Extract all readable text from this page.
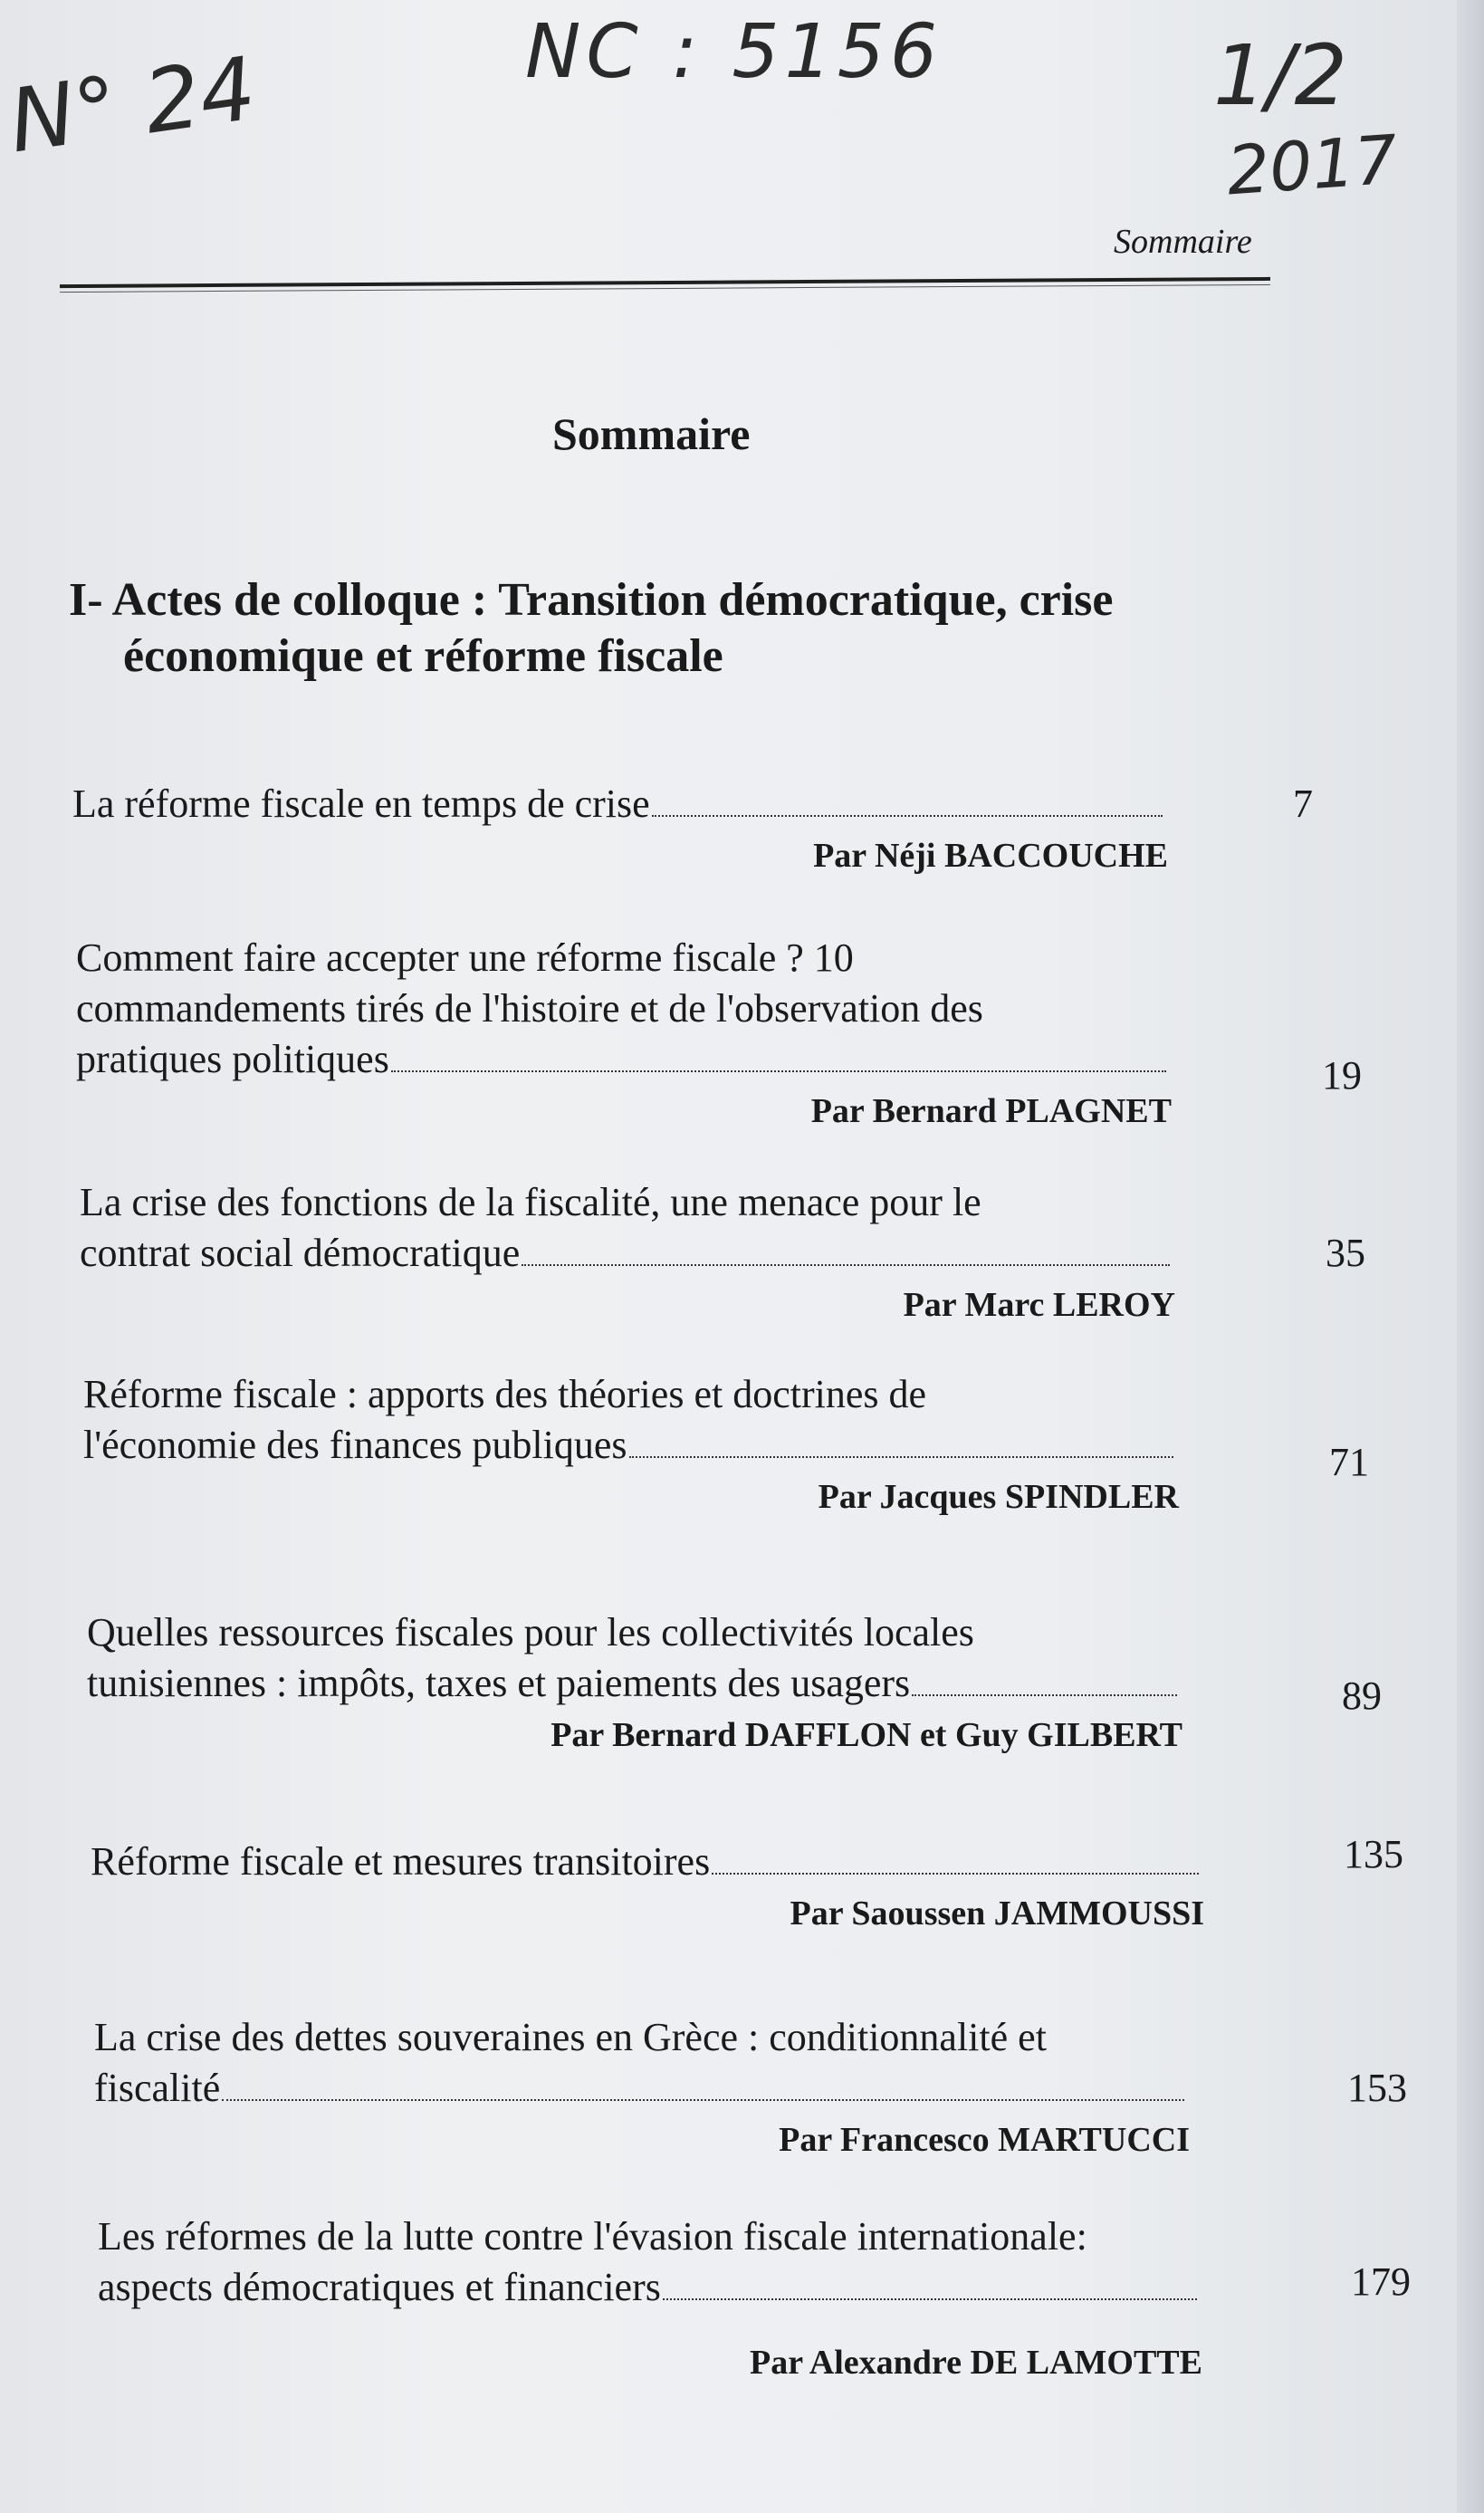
N° 24	NC : 5156	1/2
2017
Sommaire
Sommaire
I- Actes de colloque : Transition démocratique, crise
économique et réforme fiscale
La réforme fiscale en temps de crise	7
Par Néji BACCOUCHE
Comment faire accepter une réforme fiscale ? 10
commandements tirés de l'histoire et de l'observation des
pratiques politiques	19
Par Bernard PLAGNET
La crise des fonctions de la fiscalité, une menace pour le
contrat social démocratique	35
Par Marc LEROY
Réforme fiscale : apports des théories et doctrines de
l'économie des finances publiques	71
Par Jacques SPINDLER
Quelles ressources fiscales pour les collectivités locales
tunisiennes : impôts, taxes et paiements des usagers	89
Par Bernard DAFFLON et Guy GILBERT
Réforme fiscale et mesures transitoires	135
Par Saoussen JAMMOUSSI
La crise des dettes souveraines en Grèce : conditionnalité et
fiscalité	153
Par Francesco MARTUCCI
Les réformes de la lutte contre l'évasion fiscale internationale:
aspects démocratiques et financiers	179
Par Alexandre DE LAMOTTE
